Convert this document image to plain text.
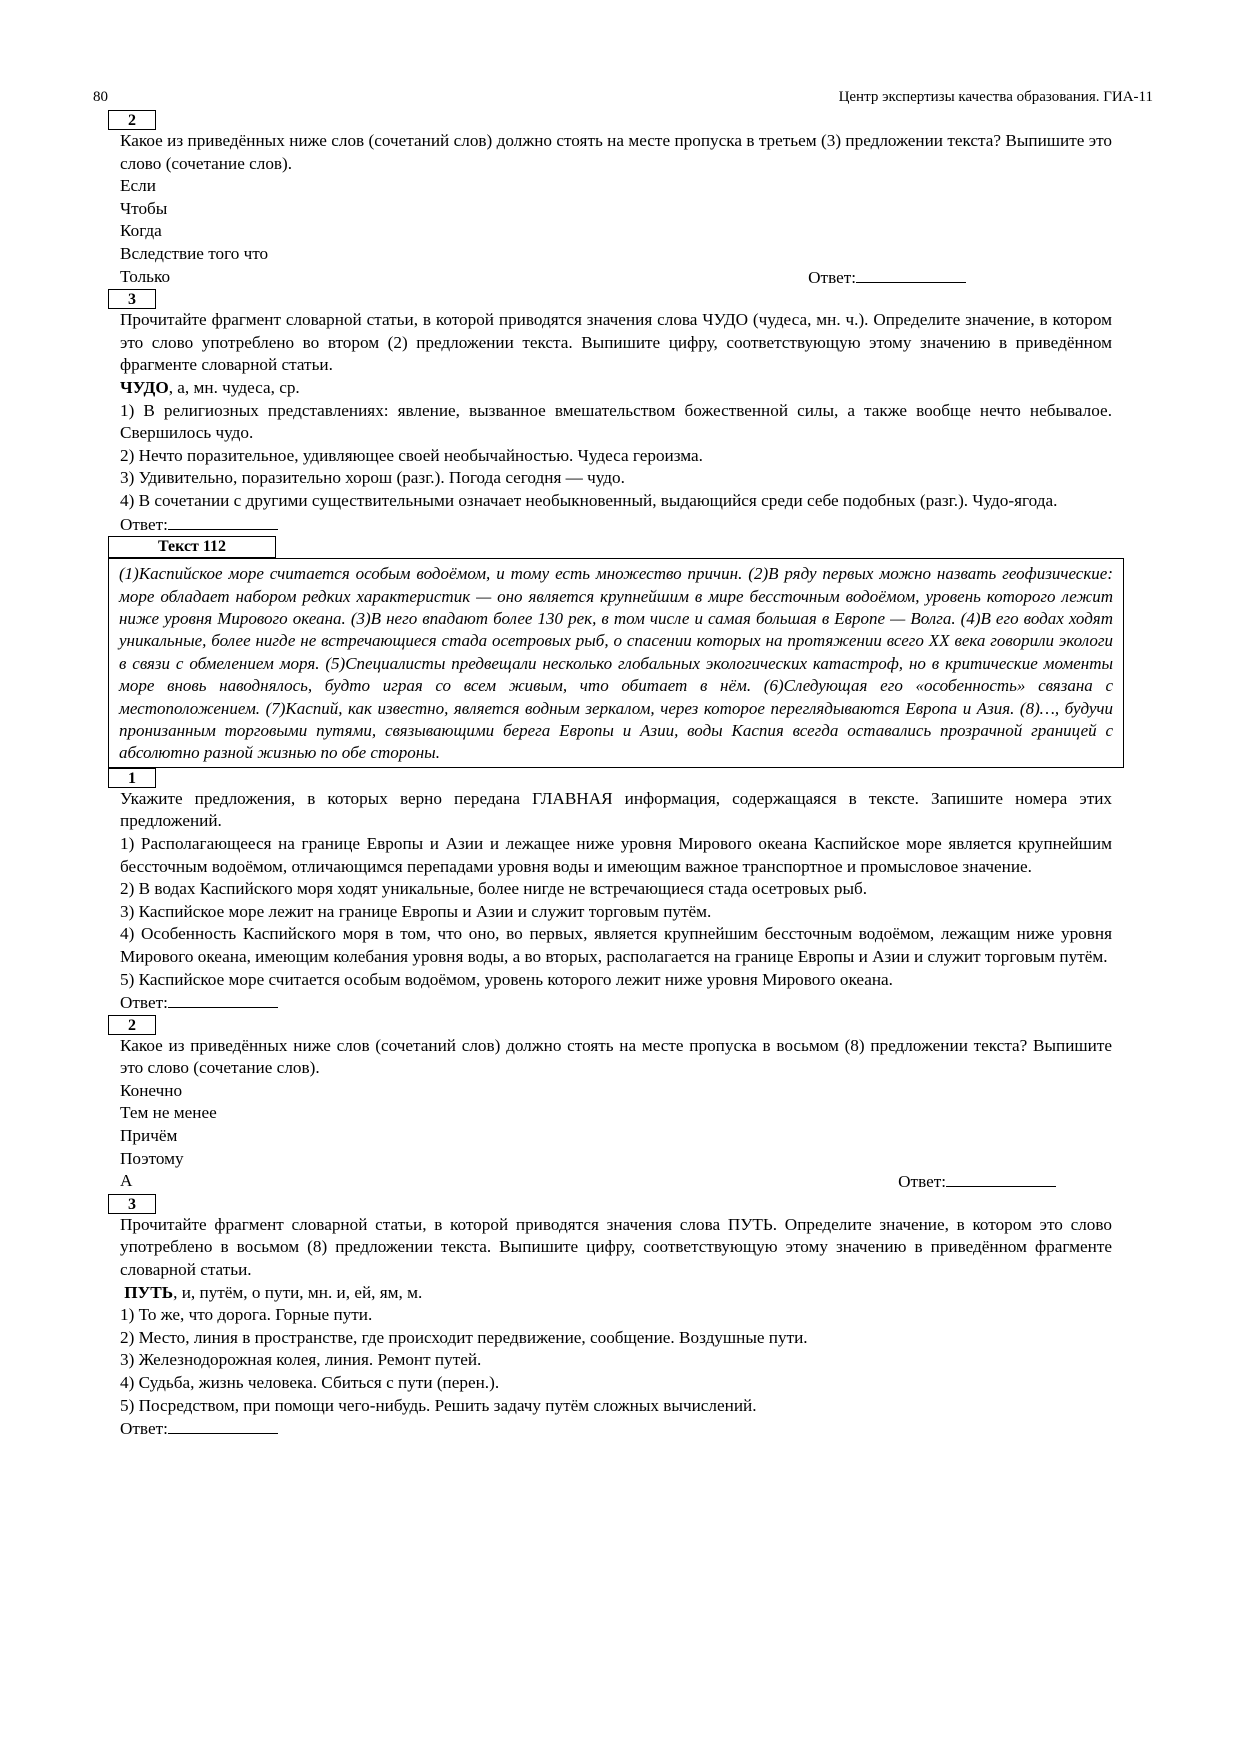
80	Центр экспертизы качества образования. ГИА-11
2
Какое из приведённых ниже слов (сочетаний слов) должно стоять на месте пропуска в третьем (3) предложении текста? Выпишите это слово (сочетание слов).
Если
Чтобы
Когда
Вследствие того что
Только	Ответ:
3
Прочитайте фрагмент словарной статьи, в которой приводятся значения слова ЧУДО (чудеса, мн. ч.). Определите значение, в котором это слово употреблено во втором (2) предложении текста. Выпишите цифру, соответствующую этому значению в приведённом фрагменте словарной статьи.
ЧУДО, а, мн. чудеса, ср.
1) В религиозных представлениях: явление, вызванное вмешательством божественной силы, а также вообще нечто небывалое. Свершилось чудо.
2) Нечто поразительное, удивляющее своей необычайностью. Чудеса героизма.
3) Удивительно, поразительно хорош (разг.). Погода сегодня — чудо.
4) В сочетании с другими существительными означает необыкновенный, выдающийся среди себе подобных (разг.). Чудо-ягода.
Ответ:
Текст 112
(1)Каспийское море считается особым водоёмом, и тому есть множество причин. (2)В ряду первых можно назвать геофизические: море обладает набором редких характеристик — оно является крупнейшим в мире бессточным водоёмом, уровень которого лежит ниже уровня Мирового океана. (3)В него впадают более 130 рек, в том числе и самая большая в Европе — Волга. (4)В его водах ходят уникальные, более нигде не встречающиеся стада осетровых рыб, о спасении которых на протяжении всего XX века говорили экологи в связи с обмелением моря. (5)Специалисты предвещали несколько глобальных экологических катастроф, но в критические моменты море вновь наводнялось, будто играя со всем живым, что обитает в нём. (6)Следующая его «особенность» связана с местоположением. (7)Каспий, как известно, является водным зеркалом, через которое переглядываются Европа и Азия. (8)…, будучи пронизанным торговыми путями, связывающими берега Европы и Азии, воды Каспия всегда оставались прозрачной границей с абсолютно разной жизнью по обе стороны.
1
Укажите предложения, в которых верно передана ГЛАВНАЯ информация, содержащаяся в тексте. Запишите номера этих предложений.
1) Располагающееся на границе Европы и Азии и лежащее ниже уровня Мирового океана Каспийское море является крупнейшим бессточным водоёмом, отличающимся перепадами уровня воды и имеющим важное транспортное и промысловое значение.
2) В водах Каспийского моря ходят уникальные, более нигде не встречающиеся стада осетровых рыб.
3) Каспийское море лежит на границе Европы и Азии и служит торговым путём.
4) Особенность Каспийского моря в том, что оно, во первых, является крупнейшим бессточным водоёмом, лежащим ниже уровня Мирового океана, имеющим колебания уровня воды, а во вторых, располагается на границе Европы и Азии и служит торговым путём.
5) Каспийское море считается особым водоёмом, уровень которого лежит ниже уровня Мирового океана.
Ответ:
2
Какое из приведённых ниже слов (сочетаний слов) должно стоять на месте пропуска в восьмом (8) предложении текста? Выпишите это слово (сочетание слов).
Конечно
Тем не менее
Причём
Поэтому
А	Ответ:
3
Прочитайте фрагмент словарной статьи, в которой приводятся значения слова ПУТЬ. Определите значение, в котором это слово употреблено в восьмом (8) предложении текста. Выпишите цифру, соответствующую этому значению в приведённом фрагменте словарной статьи.
ПУТЬ, и, путём, о пути, мн. и, ей, ям, м.
1) То же, что дорога. Горные пути.
2) Место, линия в пространстве, где происходит передвижение, сообщение. Воздушные пути.
3) Железнодорожная колея, линия. Ремонт путей.
4) Судьба, жизнь человека. Сбиться с пути (перен.).
5) Посредством, при помощи чего-нибудь. Решить задачу путём сложных вычислений.
Ответ:
